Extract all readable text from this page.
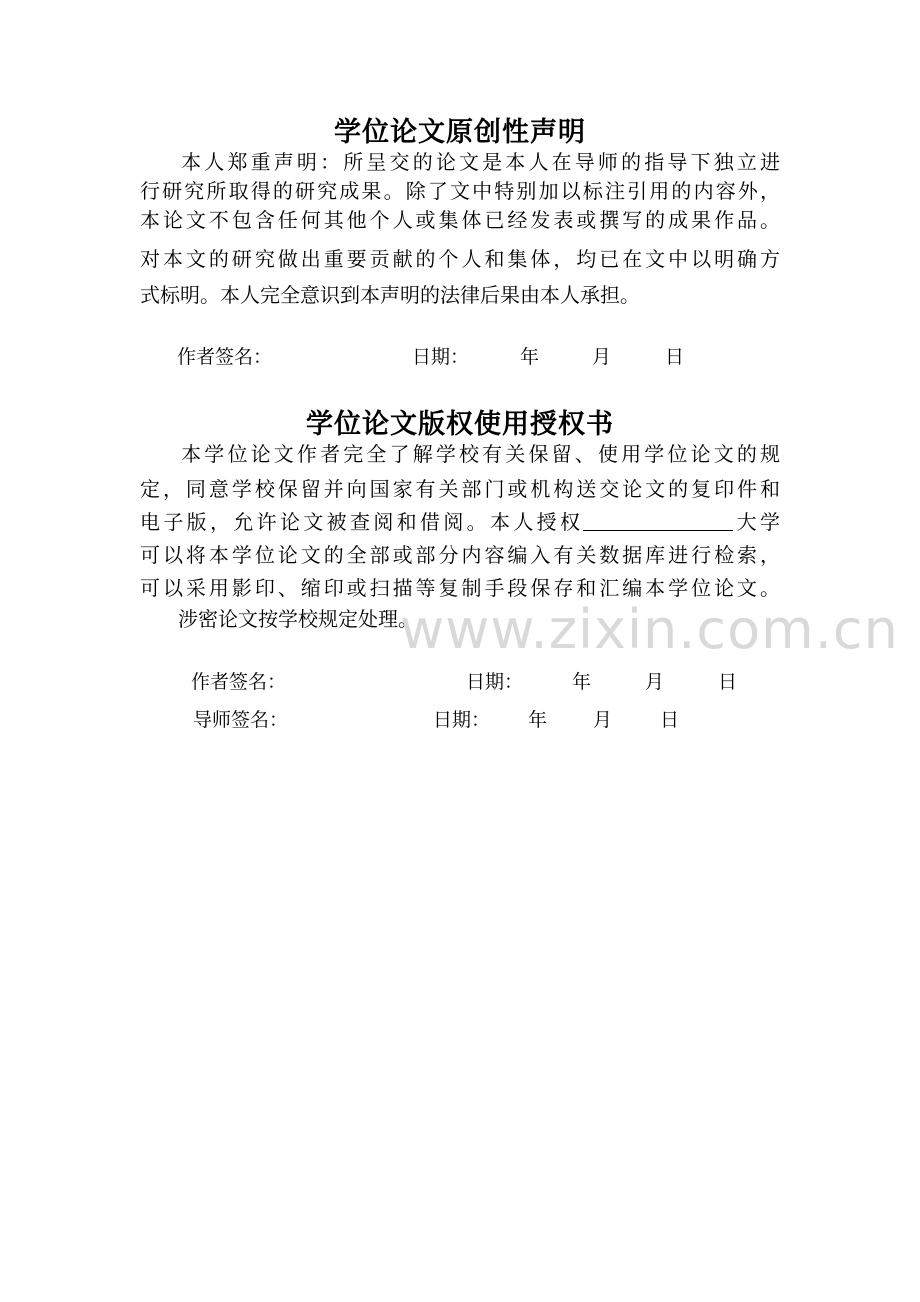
学位论文原创性声明
本人郑重声明：所呈交的论文是本人在导师的指导下独立进
行研究所取得的研究成果。除了文中特别加以标注引用的内容外，
本论文不包含任何其他个人或集体已经发表或撰写的成果作品。
对本文的研究做出重要贡献的个人和集体，均已在文中以明确方
式标明。本人完全意识到本声明的法律后果由本人承担。
作者签名：	日期：	年	月	日
学位论文版权使用授权书
本学位论文作者完全了解学校有关保留、使用学位论文的规
定，同意学校保留并向国家有关部门或机构送交论文的复印件和
电子版，允许论文被查阅和借阅。本人授权	大学
可以将本学位论文的全部或部分内容编入有关数据库进行检索，
可以采用影印、缩印或扫描等复制手段保存和汇编本学位论文。
涉密论文按学校规定处理。
www.zixin.com.cn
作者签名：	日期：	年	月	日
导师签名：	日期： 年 月	日
